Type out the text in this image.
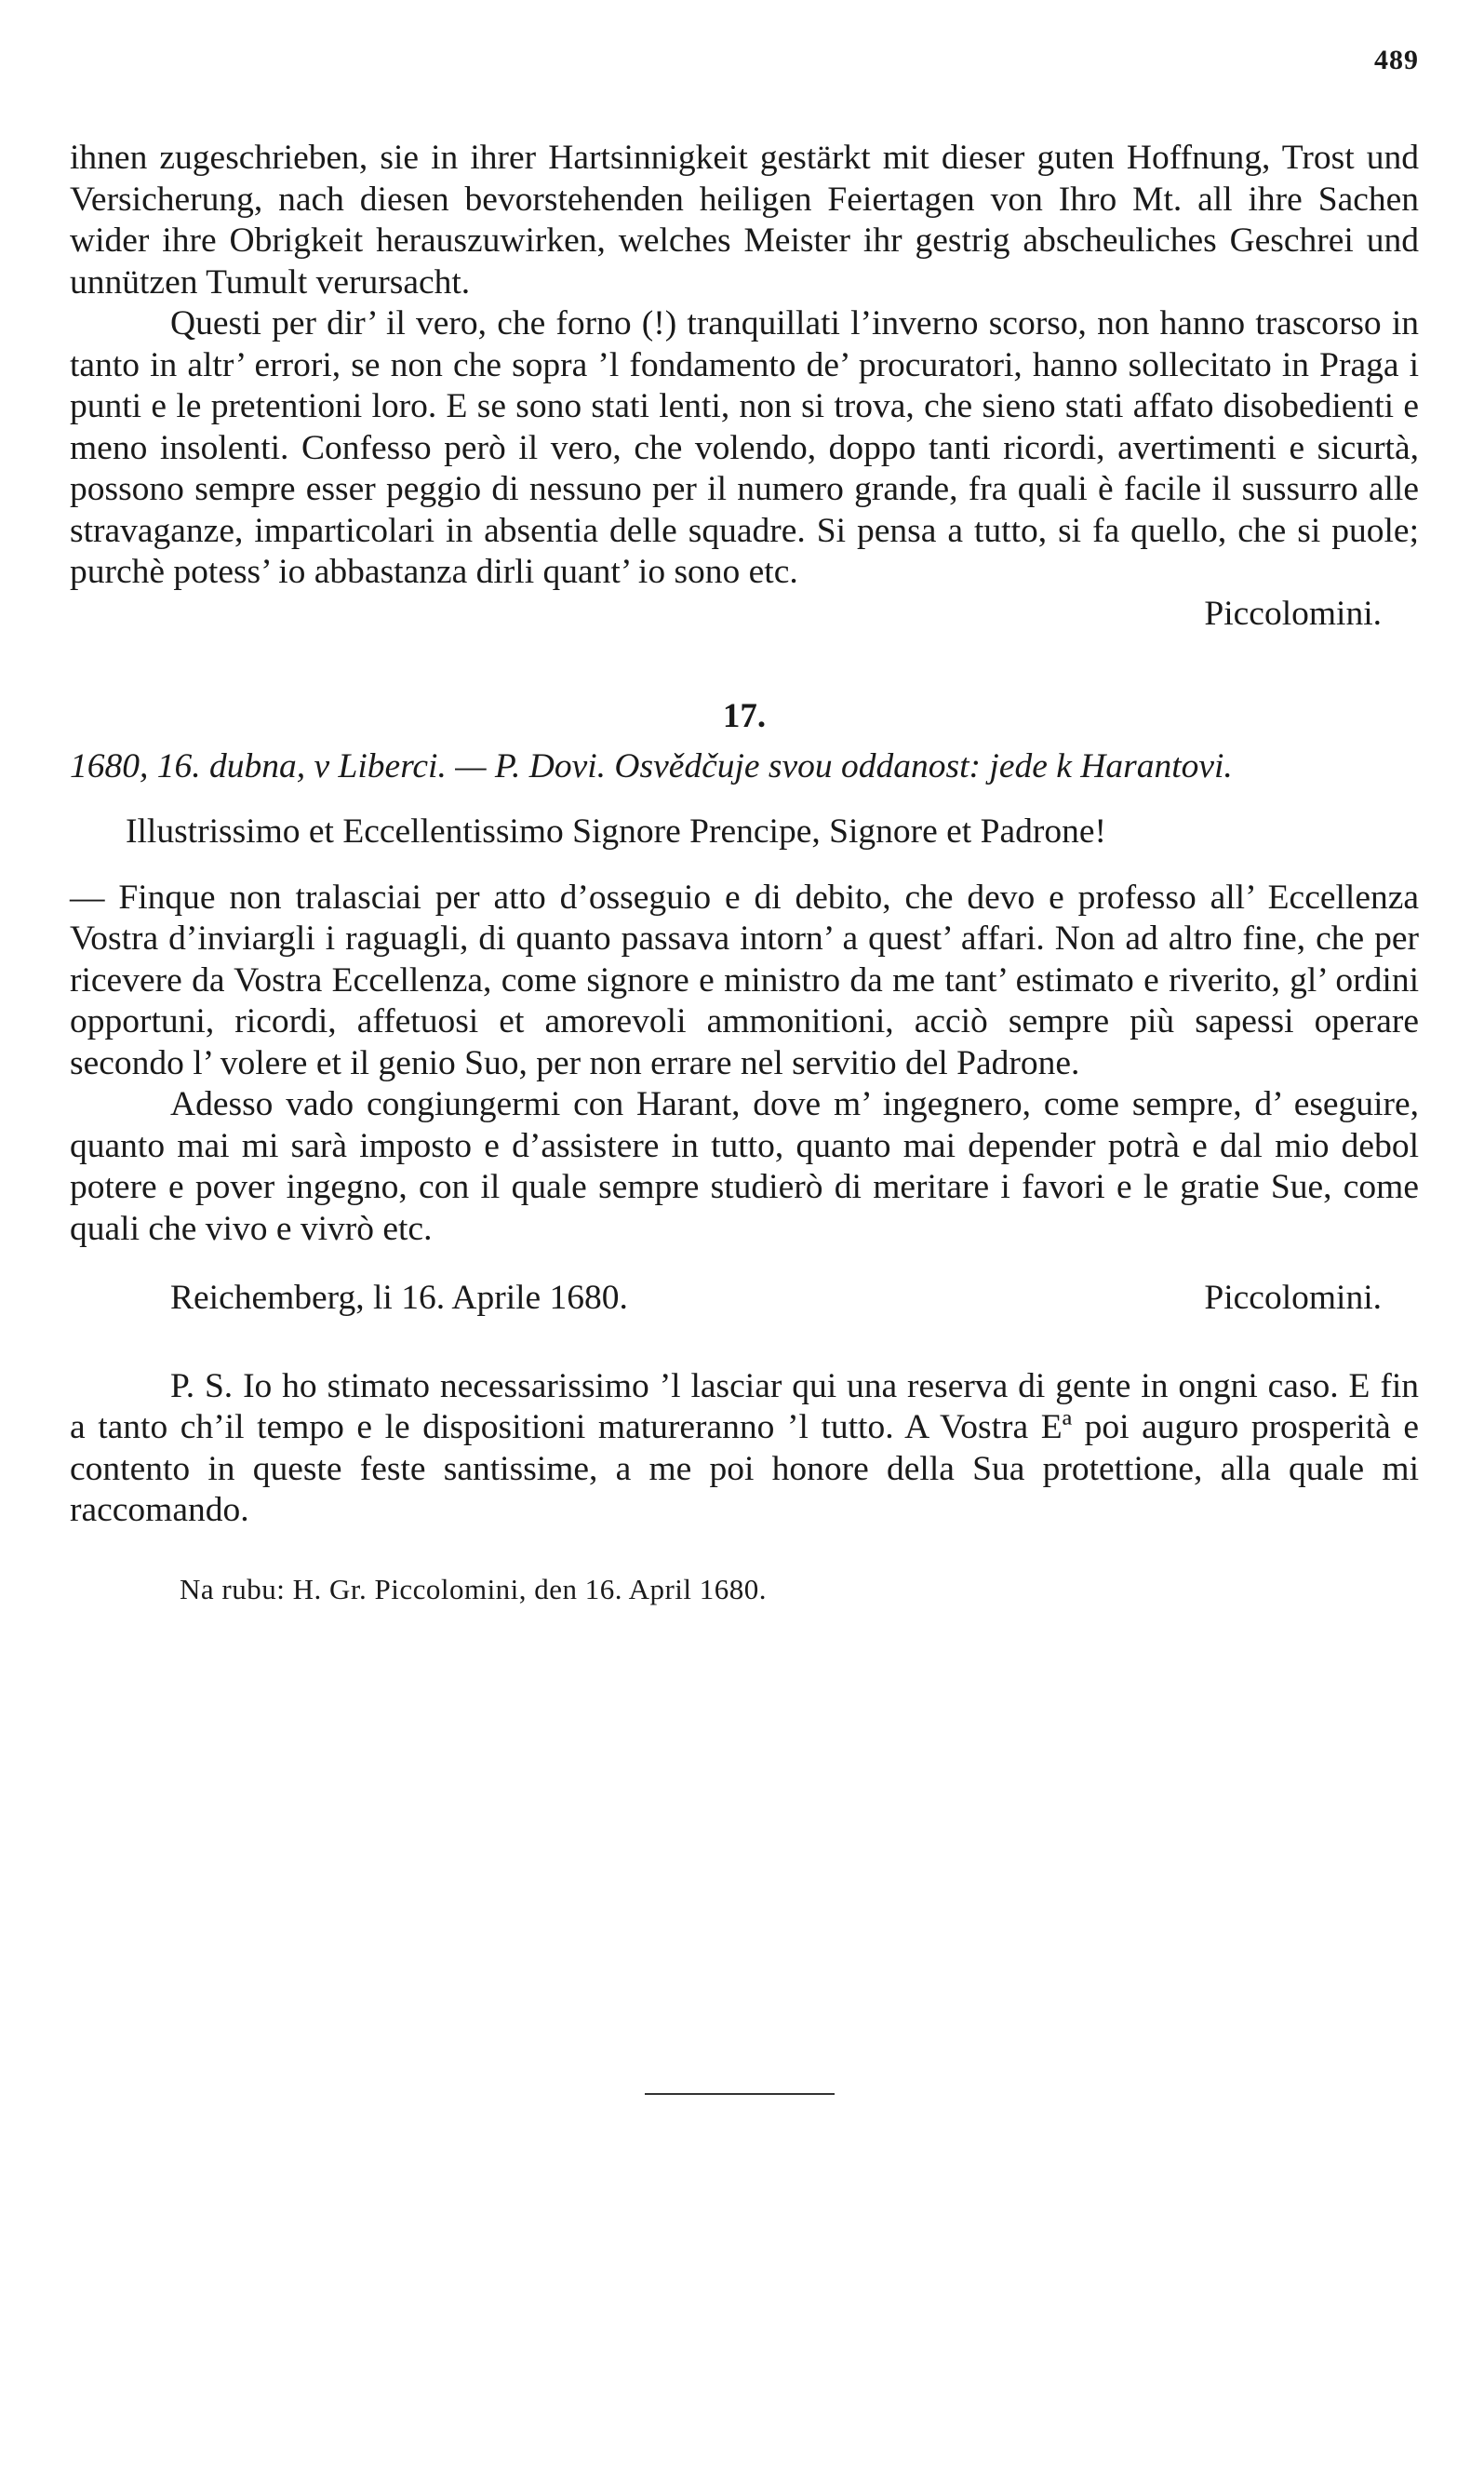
489

ihnen zugeschrieben, sie in ihrer Hartsinnigkeit gestärkt mit dieser guten Hoffnung, Trost und Versicherung, nach diesen bevorstehenden heiligen Feiertagen von Ihro Mt. all ihre Sachen wider ihre Obrigkeit herauszuwirken, welches Meister ihr gestrig abscheuliches Geschrei und unnützen Tumult verursacht.

Questi per dir’ il vero, che forno (!) tranquillati l’inverno scorso, non hanno trascorso in tanto in altr’ errori, se non che sopra ’l fondamento de’ procuratori, hanno sollecitato in Praga i punti e le pretentioni loro. E se sono stati lenti, non si trova, che sieno stati affato disobedienti e meno insolenti. Confesso però il vero, che volendo, doppo tanti ricordi, avertimenti e sicurtà, possono sempre esser peggio di nessuno per il numero grande, fra quali è facile il sussurro alle stravaganze, imparticolari in absentia delle squadre. Si pensa a tutto, si fa quello, che si puole; purchè potess’ io abbastanza dirli quant’ io sono etc.

Piccolomini.

17.

1680, 16. dubna, v Liberci. — P. Dovi. Osvědčuje svou oddanost: jede k Harantovi.

Illustrissimo et Eccellentissimo Signore Prencipe, Signore et Padrone!

— Finque non tralasciai per atto d’osseguio e di debito, che devo e professo all’ Eccellenza Vostra d’inviargli i raguagli, di quanto passava intorn’ a quest’ affari. Non ad altro fine, che per ricevere da Vostra Eccellenza, come signore e ministro da me tant’ estimato e riverito, gl’ ordini opportuni, ricordi, affetuosi et amorevoli ammonitioni, acciò sempre più sapessi operare secondo l’ volere et il genio Suo, per non errare nel servitio del Padrone.

Adesso vado congiungermi con Harant, dove m’ ingegnero, come sempre, d’ eseguire, quanto mai mi sarà imposto e d’assistere in tutto, quanto mai depender potrà e dal mio debol potere e pover ingegno, con il quale sempre studierò di meritare i favori e le gratie Sue, come quali che vivo e vivrò etc.

Reichemberg, li 16. Aprile 1680.	Piccolomini.

P. S. Io ho stimato necessarissimo ’l lasciar qui una reserva di gente in ongni caso. E fin a tanto ch’il tempo e le dispositioni matureranno ’l tutto. A Vostra Eª poi auguro prosperità e contento in queste feste santissime, a me poi honore della Sua protettione, alla quale mi raccomando.

Na rubu: H. Gr. Piccolomini, den 16. April 1680.
